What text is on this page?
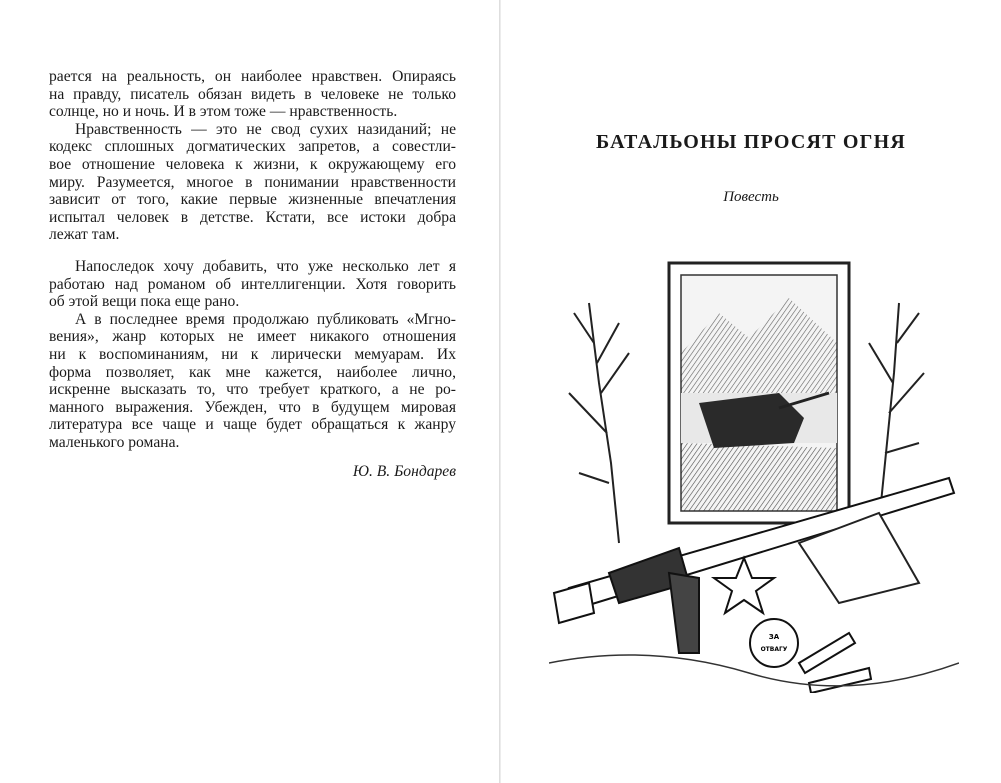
рается на реальность, он наиболее нравствен. Опираясь
на правду, писатель обязан видеть в человеке не только
солнце, но и ночь. И в этом тоже — нравственность.
Нравственность — это не свод сухих назиданий; не
кодекс сплошных догматических запретов, а совестли-
вое отношение человека к жизни, к окружающему его
миру. Разумеется, многое в понимании нравственности
зависит от того, какие первые жизненные впечатления
испытал человек в детстве. Кстати, все истоки добра
лежат там.
Напоследок хочу добавить, что уже несколько лет я
работаю над романом об интеллигенции. Хотя говорить
об этой вещи пока еще рано.
А в последнее время продолжаю публиковать «Мгно-
вения», жанр которых не имеет никакого отношения
ни к воспоминаниям, ни к лирически мемуарам. Их
форма позволяет, как мне кажется, наиболее лично,
искренне высказать то, что требует краткого, а не ро-
манного выражения. Убежден, что в будущем мировая
литература все чаще и чаще будет обращаться к жанру
маленького романа.
Ю. В. Бондарев
БАТАЛЬОНЫ ПРОСЯТ ОГНЯ
Повесть
ЗА
ОТВАГУ
